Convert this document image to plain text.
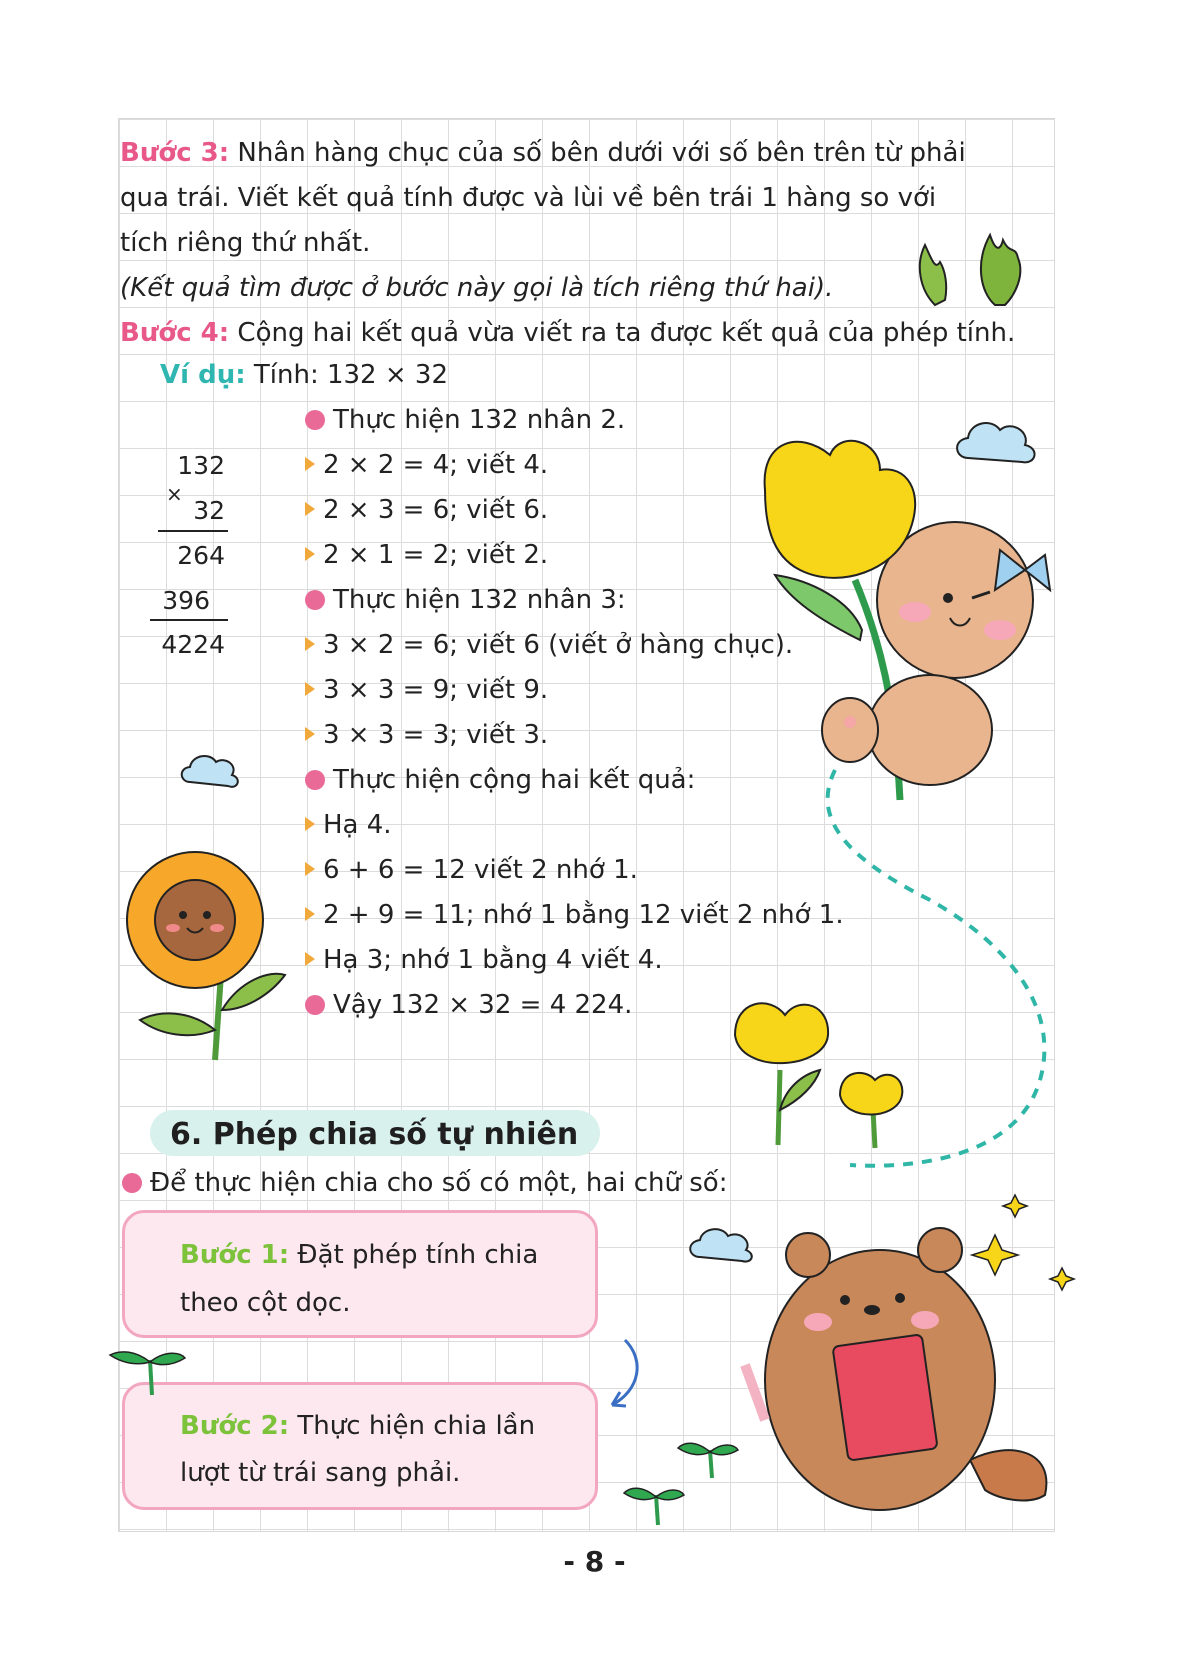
Bước 3: Nhân hàng chục của số bên dưới với số bên trên từ phải
qua trái. Viết kết quả tính được và lùi về bên trái 1 hàng so với
tích riêng thứ nhất.
(Kết quả tìm được ở bước này gọi là tích riêng thứ hai).
Bước 4: Cộng hai kết quả vừa viết ra ta được kết quả của phép tính.
Ví dụ: Tính: 132 × 32
×
132
32
264
396
4224
Thực hiện 132 nhân 2.
2 × 2 = 4; viết 4.
2 × 3 = 6; viết 6.
2 × 1 = 2; viết 2.
Thực hiện 132 nhân 3:
3 × 2 = 6; viết 6 (viết ở hàng chục).
3 × 3 = 9; viết 9.
3 × 3 = 3; viết 3.
Thực hiện cộng hai kết quả:
Hạ 4.
6 + 6 = 12 viết 2 nhớ 1.
2 + 9 = 11; nhớ 1 bằng 12 viết 2 nhớ 1.
Hạ 3; nhớ 1 bằng 4 viết 4.
Vậy 132 × 32 = 4 224.
6. Phép chia số tự nhiên
Để thực hiện chia cho số có một, hai chữ số:
Bước 1: Đặt phép tính chia
theo cột dọc.
Bước 2: Thực hiện chia lần
lượt từ trái sang phải.
- 8 -
